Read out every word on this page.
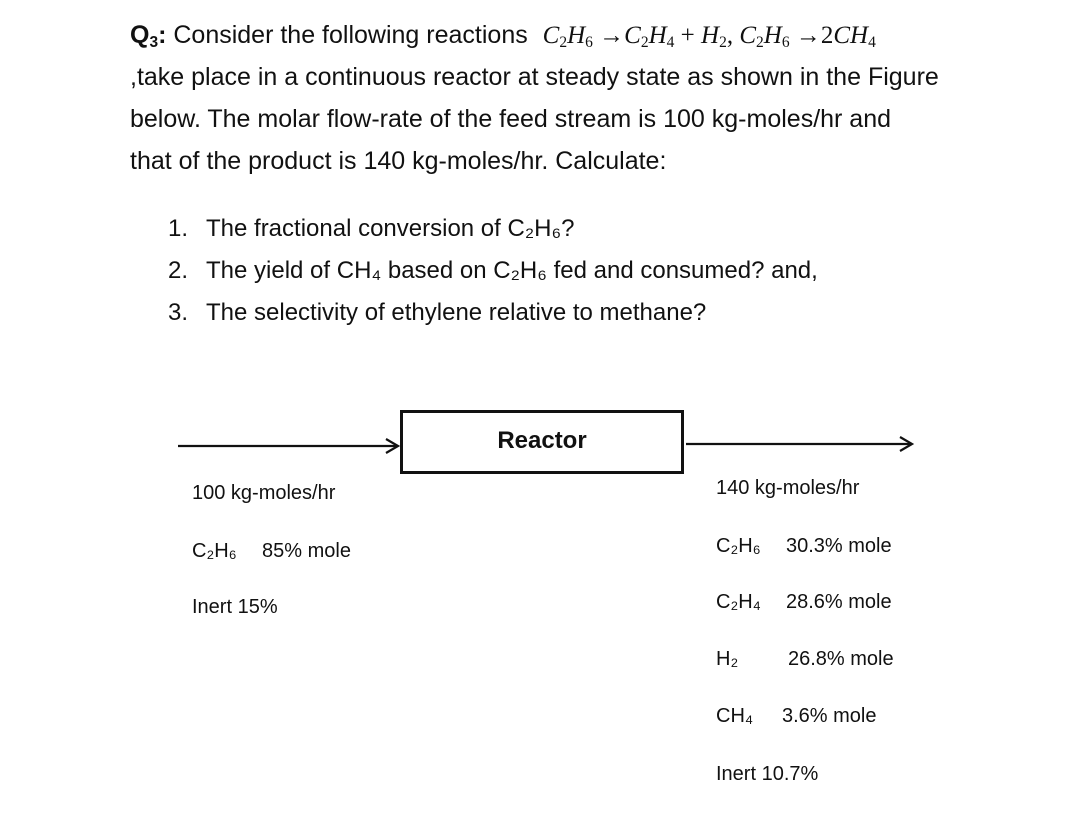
$Q_3$: Consider the following reactions $C_2H_6 \to C_2H_4 + H_2$, $C_2H_6 \to 2CH_4$
,take place in a continuous reactor at steady state as shown in the Figure
below. The molar flow-rate of the feed stream is 100 kg-moles/hr and
that of the product is 140 kg-moles/hr. Calculate:
1. The fractional conversion of C₂H₆?
2. The yield of CH₄ based on C₂H₆ fed and consumed? and,
3. The selectivity of ethylene relative to methane?
Reactor
100 kg-moles/hr
C₂H₆ 85% mole
Inert 15%
140 kg-moles/hr
C₂H₆ 30.3% mole
C₂H₄ 28.6% mole
H₂ 26.8% mole
CH₄ 3.6% mole
Inert 10.7%
